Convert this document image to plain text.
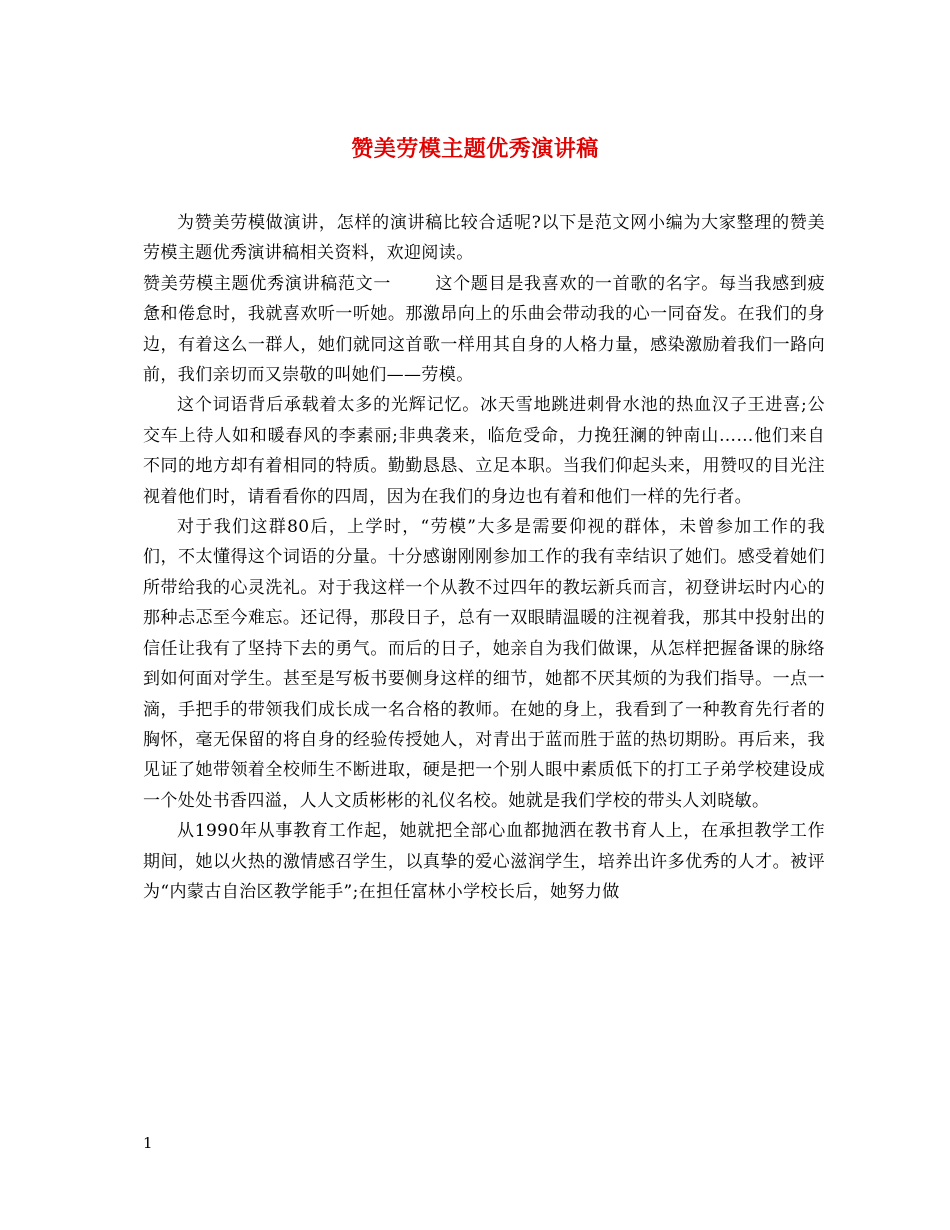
赞美劳模主题优秀演讲稿

为赞美劳模做演讲，怎样的演讲稿比较合适呢?以下是范文网小编为大家整理的赞美劳模主题优秀演讲稿相关资料，欢迎阅读。

赞美劳模主题优秀演讲稿范文一	这个题目是我喜欢的一首歌的名字。每当我感到疲惫和倦怠时，我就喜欢听一听她。那激昂向上的乐曲会带动我的心一同奋发。在我们的身边，有着这么一群人，她们就同这首歌一样用其自身的人格力量，感染激励着我们一路向前，我们亲切而又崇敬的叫她们——劳模。

这个词语背后承载着太多的光辉记忆。冰天雪地跳进刺骨水池的热血汉子王进喜;公交车上待人如和暖春风的李素丽;非典袭来，临危受命，力挽狂澜的钟南山……他们来自不同的地方却有着相同的特质。勤勤恳恳、立足本职。当我们仰起头来，用赞叹的目光注视着他们时，请看看你的四周，因为在我们的身边也有着和他们一样的先行者。

对于我们这群80后，上学时，“劳模”大多是需要仰视的群体，未曾参加工作的我们，不太懂得这个词语的分量。十分感谢刚刚参加工作的我有幸结识了她们。感受着她们所带给我的心灵洗礼。对于我这样一个从教不过四年的教坛新兵而言，初登讲坛时内心的那种忐忑至今难忘。还记得，那段日子，总有一双眼睛温暖的注视着我，那其中投射出的信任让我有了坚持下去的勇气。而后的日子，她亲自为我们做课，从怎样把握备课的脉络到如何面对学生。甚至是写板书要侧身这样的细节，她都不厌其烦的为我们指导。一点一滴，手把手的带领我们成长成一名合格的教师。在她的身上，我看到了一种教育先行者的胸怀，毫无保留的将自身的经验传授她人，对青出于蓝而胜于蓝的热切期盼。再后来，我见证了她带领着全校师生不断进取，硬是把一个别人眼中素质低下的打工子弟学校建设成一个处处书香四溢，人人文质彬彬的礼仪名校。她就是我们学校的带头人刘晓敏。

从1990年从事教育工作起，她就把全部心血都抛洒在教书育人上，在承担教学工作期间，她以火热的激情感召学生，以真挚的爱心滋润学生，培养出许多优秀的人才。被评为“内蒙古自治区教学能手”;在担任富林小学校长后，她努力做

1
